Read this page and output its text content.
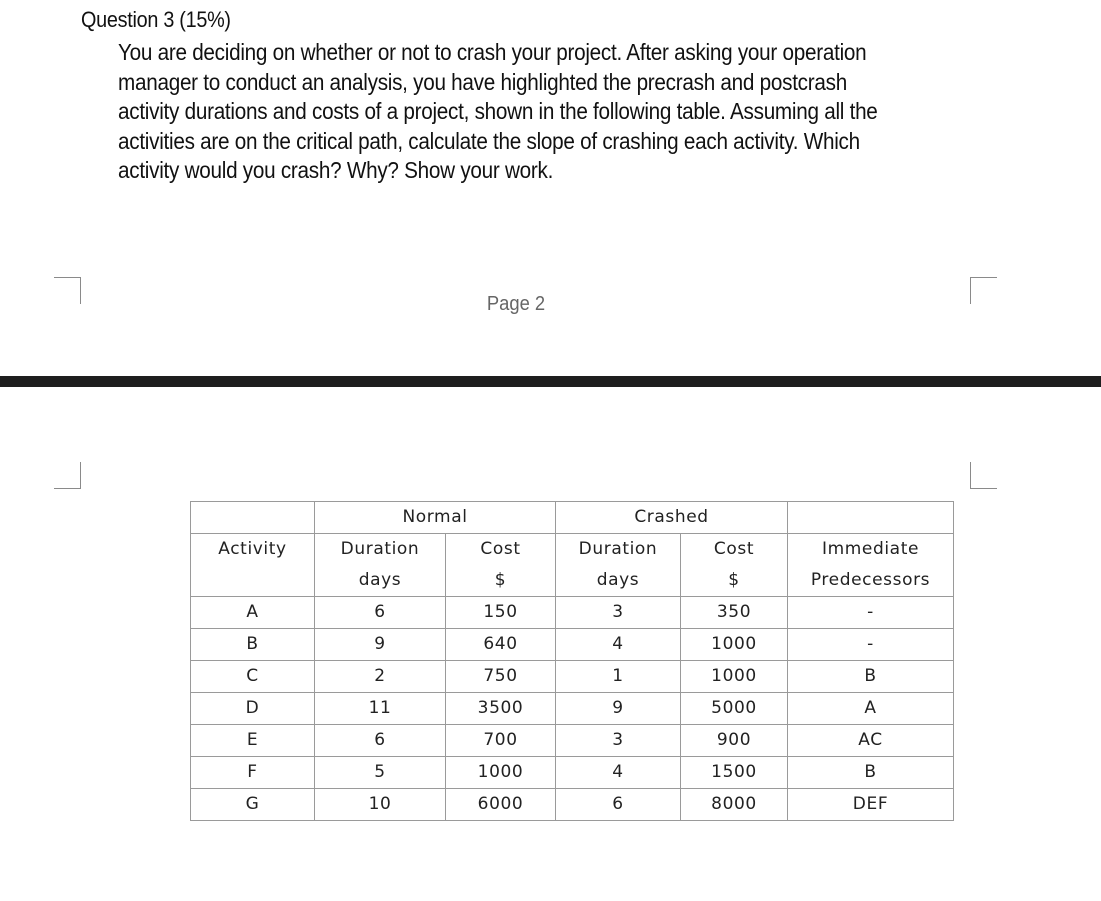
Question 3 (15%)
You are deciding on whether or not to crash your project. After asking your operation
manager to conduct an analysis, you have highlighted the precrash and postcrash
activity durations and costs of a project, shown in the following table. Assuming all the
activities are on the critical path, calculate the slope of crashing each activity. Which
activity would you crash? Why? Show your work.
Page 2
	Normal		Crashed		
Activity	Duration	Cost	Duration	Cost	Immediate
	days	$	days	$	Predecessors
A	6	150	3	350	-
B	9	640	4	1000	-
C	2	750	1	1000	B
D	11	3500	9	5000	A
E	6	700	3	900	AC
F	5	1000	4	1500	B
G	10	6000	6	8000	DEF
